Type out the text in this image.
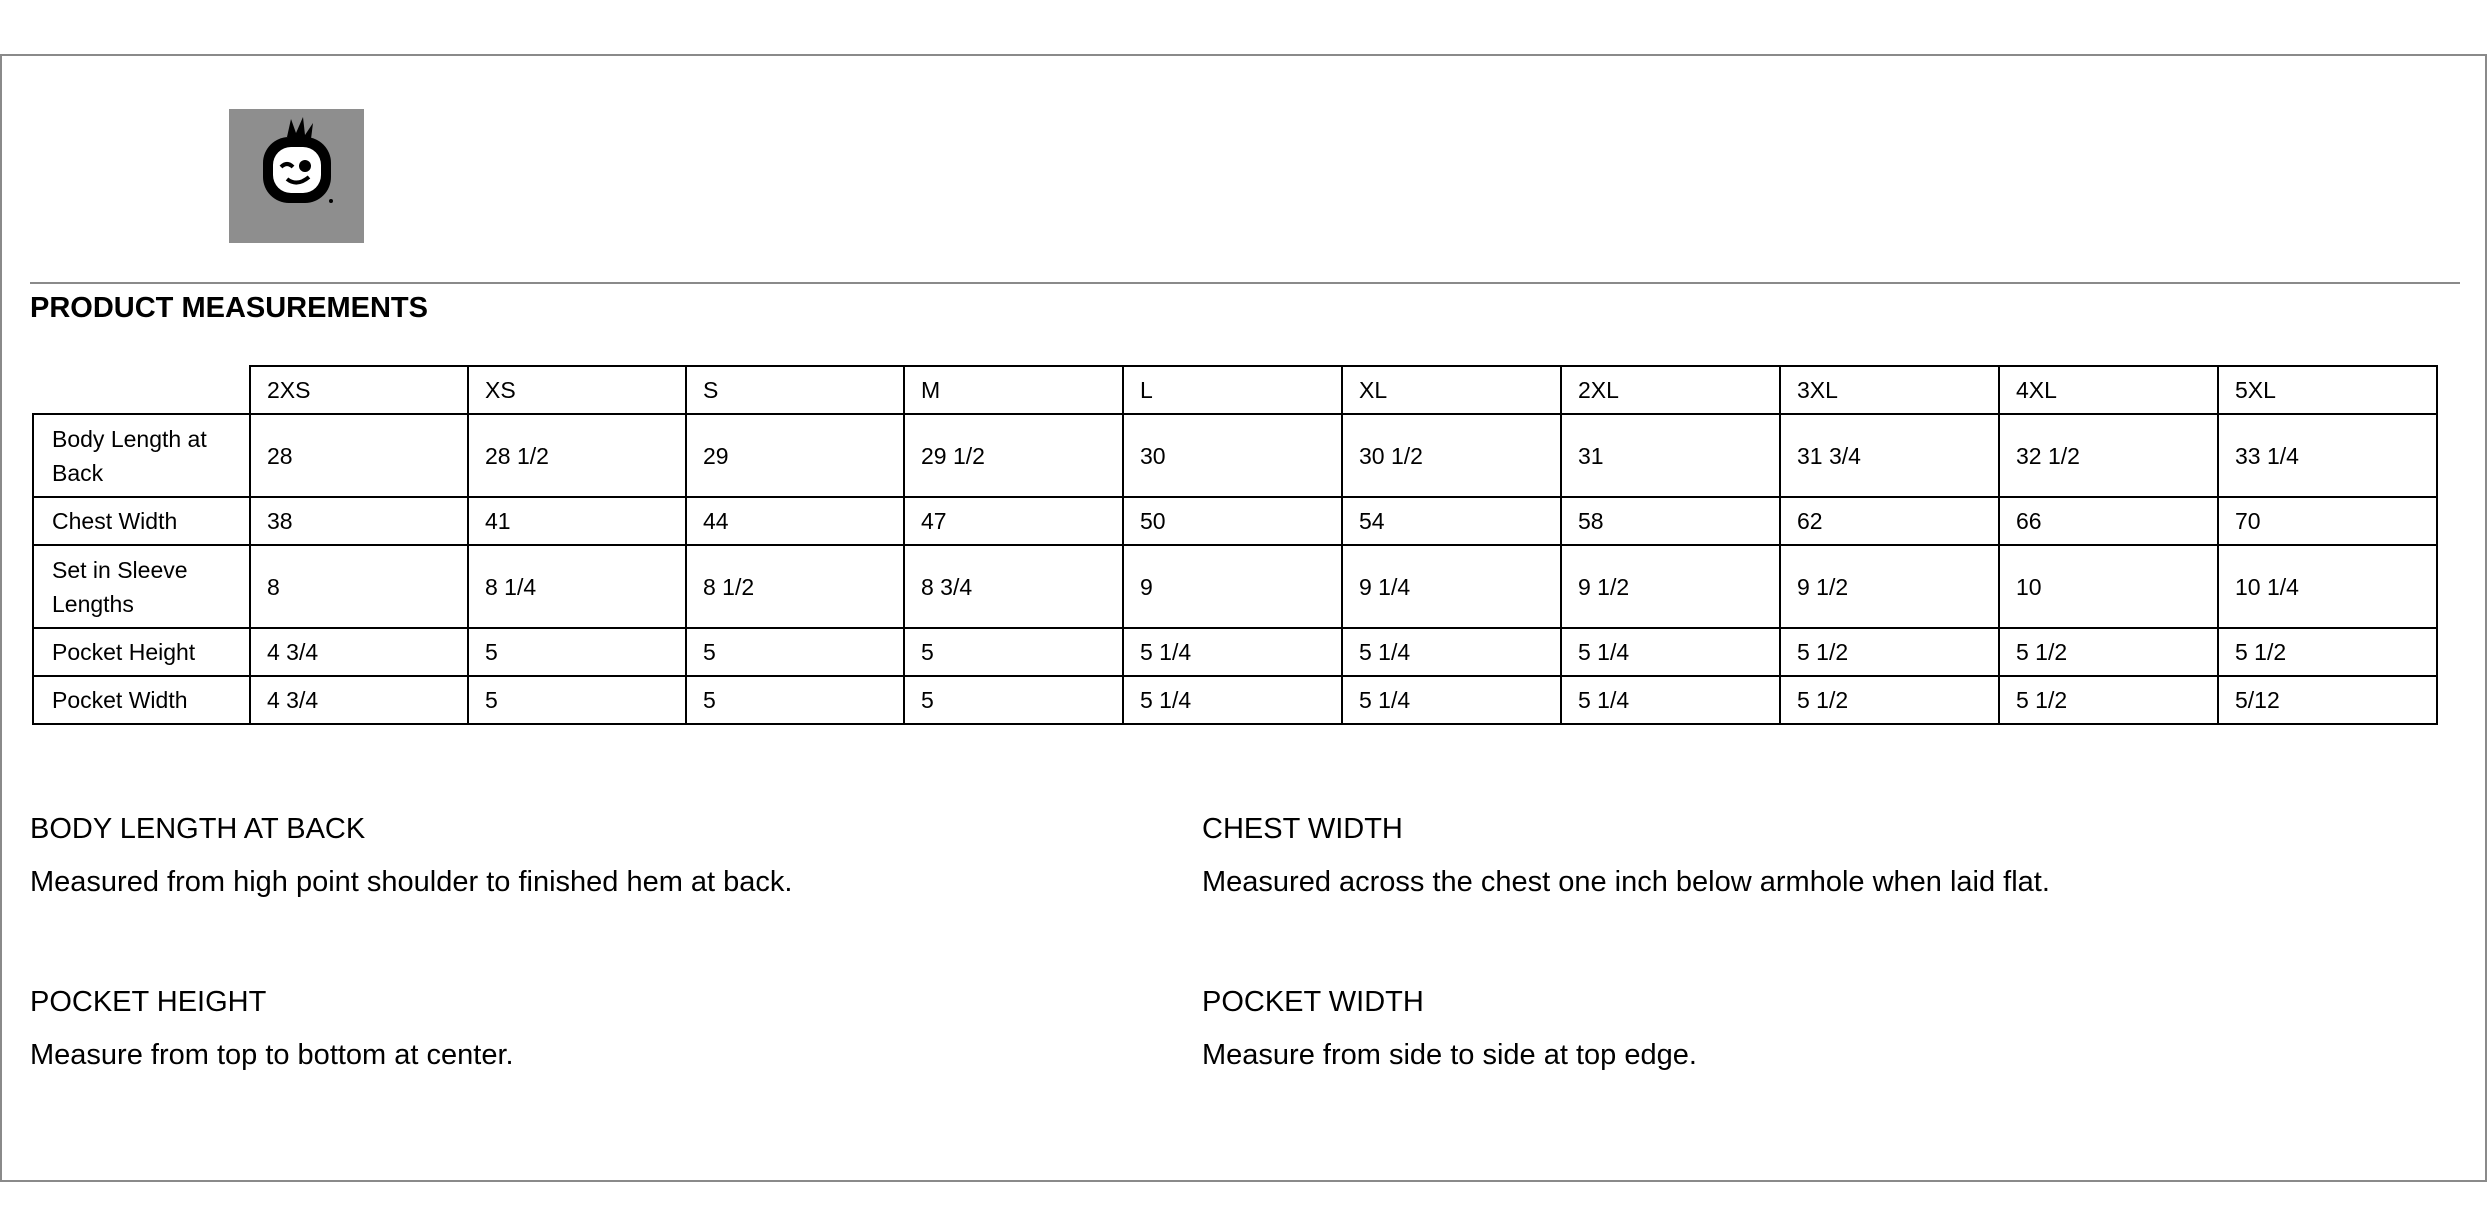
PRODUCT MEASUREMENTS
	2XS	XS	S	M	L	XL	2XL	3XL	4XL	5XL
Body Length at Back	28	28 1/2	29	29 1/2	30	30 1/2	31	31 3/4	32 1/2	33 1/4
Chest Width	38	41	44	47	50	54	58	62	66	70
Set in Sleeve Lengths	8	8 1/4	8 1/2	8 3/4	9	9 1/4	9 1/2	9 1/2	10	10 1/4
Pocket Height	4 3/4	5	5	5	5 1/4	5 1/4	5 1/4	5 1/2	5 1/2	5 1/2
Pocket Width	4 3/4	5	5	5	5 1/4	5 1/4	5 1/4	5 1/2	5 1/2	5/12
BODY LENGTH AT BACK
Measured from high point shoulder to finished hem at back.
CHEST WIDTH
Measured across the chest one inch below armhole when laid flat.
POCKET HEIGHT
Measure from top to bottom at center.
POCKET WIDTH
Measure from side to side at top edge.
